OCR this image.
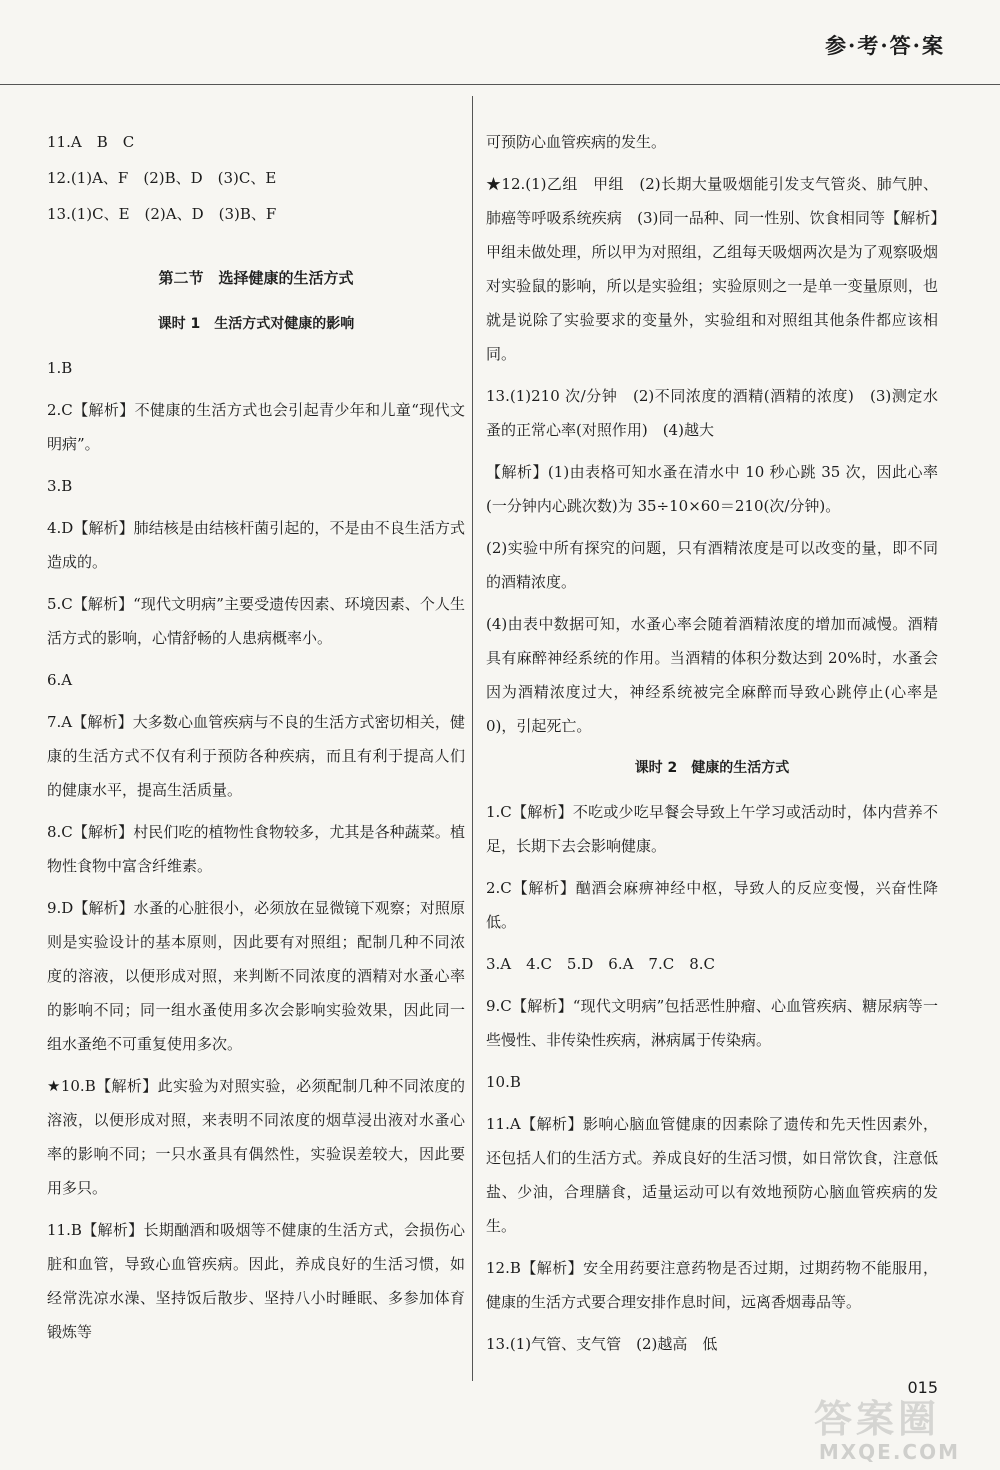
参·考·答·案
11.A　B　C
12.(1)A、F　(2)B、D　(3)C、E
13.(1)C、E　(2)A、D　(3)B、F
第二节　选择健康的生活方式
课时 1　生活方式对健康的影响
1.B
2.C【解析】不健康的生活方式也会引起青少年和儿童“现代文明病”。
3.B
4.D【解析】肺结核是由结核杆菌引起的，不是由不良生活方式造成的。
5.C【解析】“现代文明病”主要受遗传因素、环境因素、个人生活方式的影响，心情舒畅的人患病概率小。
6.A
7.A【解析】大多数心血管疾病与不良的生活方式密切相关，健康的生活方式不仅有利于预防各种疾病，而且有利于提高人们的健康水平，提高生活质量。
8.C【解析】村民们吃的植物性食物较多，尤其是各种蔬菜。植物性食物中富含纤维素。
9.D【解析】水蚤的心脏很小，必须放在显微镜下观察；对照原则是实验设计的基本原则，因此要有对照组；配制几种不同浓度的溶液，以便形成对照，来判断不同浓度的酒精对水蚤心率的影响不同；同一组水蚤使用多次会影响实验效果，因此同一组水蚤绝不可重复使用多次。
★10.B【解析】此实验为对照实验，必须配制几种不同浓度的溶液，以便形成对照，来表明不同浓度的烟草浸出液对水蚤心率的影响不同；一只水蚤具有偶然性，实验误差较大，因此要用多只。
11.B【解析】长期酗酒和吸烟等不健康的生活方式，会损伤心脏和血管，导致心血管疾病。因此，养成良好的生活习惯，如经常洗凉水澡、坚持饭后散步、坚持八小时睡眠、多参加体育锻炼等
可预防心血管疾病的发生。
★12.(1)乙组　甲组　(2)长期大量吸烟能引发支气管炎、肺气肿、肺癌等呼吸系统疾病　(3)同一品种、同一性别、饮食相同等【解析】甲组未做处理，所以甲为对照组，乙组每天吸烟两次是为了观察吸烟对实验鼠的影响，所以是实验组；实验原则之一是单一变量原则，也就是说除了实验要求的变量外，实验组和对照组其他条件都应该相同。
13.(1)210 次/分钟　(2)不同浓度的酒精(酒精的浓度)　(3)测定水蚤的正常心率(对照作用)　(4)越大
【解析】(1)由表格可知水蚤在清水中 10 秒心跳 35 次，因此心率(一分钟内心跳次数)为 35÷10×60＝210(次/分钟)。
(2)实验中所有探究的问题，只有酒精浓度是可以改变的量，即不同的酒精浓度。
(4)由表中数据可知，水蚤心率会随着酒精浓度的增加而减慢。酒精具有麻醉神经系统的作用。当酒精的体积分数达到 20%时，水蚤会因为酒精浓度过大，神经系统被完全麻醉而导致心跳停止(心率是 0)，引起死亡。
课时 2　健康的生活方式
1.C【解析】不吃或少吃早餐会导致上午学习或活动时，体内营养不足，长期下去会影响健康。
2.C【解析】酗酒会麻痹神经中枢，导致人的反应变慢，兴奋性降低。
3.A　4.C　5.D　6.A　7.C　8.C
9.C【解析】“现代文明病”包括恶性肿瘤、心血管疾病、糖尿病等一些慢性、非传染性疾病，淋病属于传染病。
10.B
11.A【解析】影响心脑血管健康的因素除了遗传和先天性因素外，还包括人们的生活方式。养成良好的生活习惯，如日常饮食，注意低盐、少油，合理膳食，适量运动可以有效地预防心脑血管疾病的发生。
12.B【解析】安全用药要注意药物是否过期，过期药物不能服用，健康的生活方式要合理安排作息时间，远离香烟毒品等。
13.(1)气管、支气管　(2)越高　低
015
答案圈
MXQE.COM
